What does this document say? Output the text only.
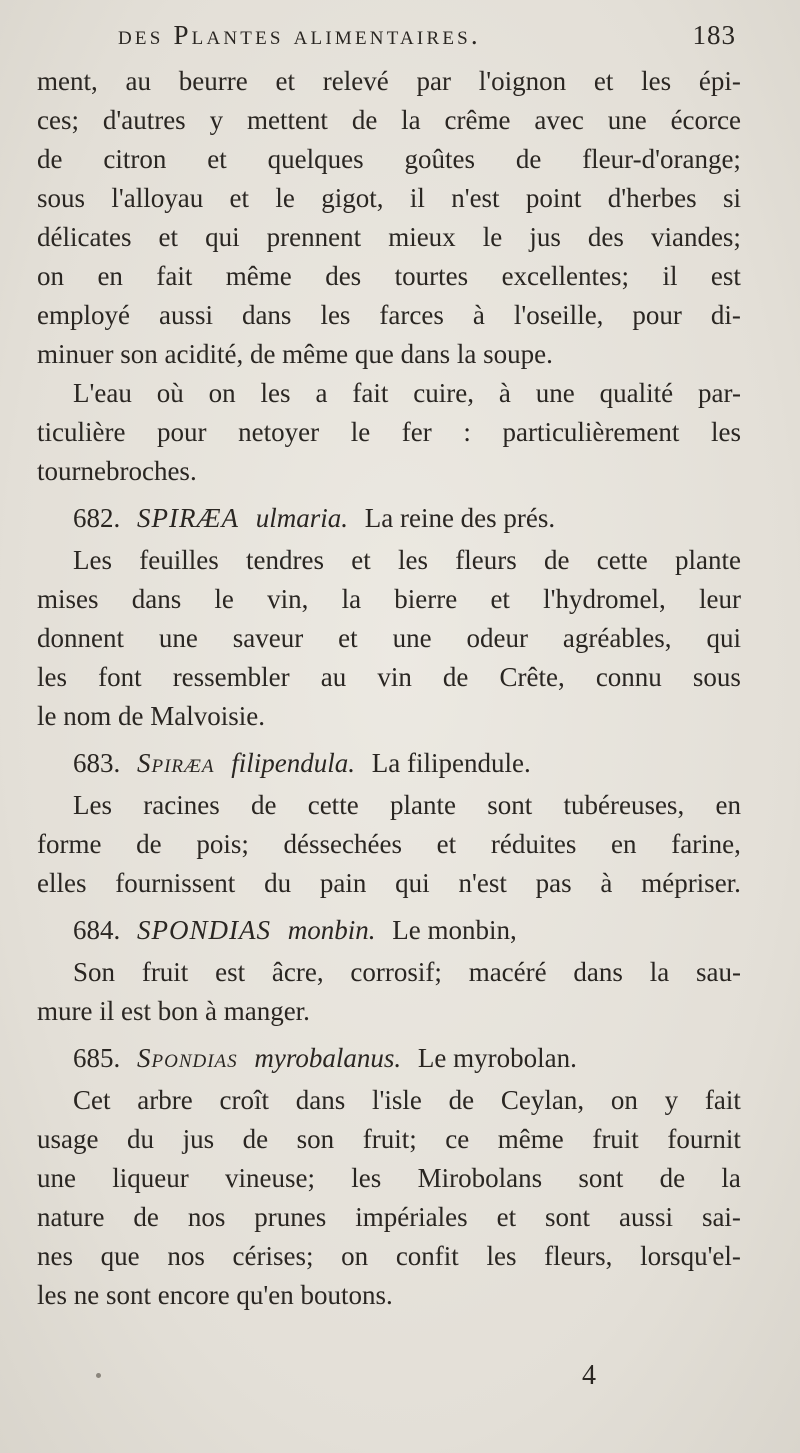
des Plantes alimentaires.	183
ment, au beurre et relevé par l'oignon et les épi-
ces; d'autres y mettent de la crême avec une écorce
de citron et quelques goûtes de fleur-d'orange;
sous l'alloyau et le gigot, il n'est point d'herbes si
délicates et qui prennent mieux le jus des viandes;
on en fait même des tourtes excellentes; il est
employé aussi dans les farces à l'oseille, pour di-
minuer son acidité, de même que dans la soupe.
L'eau où on les a fait cuire, à une qualité par-
ticulière pour netoyer le fer : particulièrement les
tournebroches.
682. SPIRÆA ulmaria. La reine des prés.
Les feuilles tendres et les fleurs de cette plante
mises dans le vin, la bierre et l'hydromel, leur
donnent une saveur et une odeur agréables, qui
les font ressembler au vin de Crête, connu sous
le nom de Malvoisie.
683. Spiræa filipendula. La filipendule.
Les racines de cette plante sont tubéreuses, en
forme de pois; déssechées et réduites en farine,
elles fournissent du pain qui n'est pas à mépriser.
684. SPONDIAS monbin. Le monbin,
Son fruit est âcre, corrosif; macéré dans la sau-
mure il est bon à manger.
685. Spondias myrobalanus. Le myrobolan.
Cet arbre croît dans l'isle de Ceylan, on y fait
usage du jus de son fruit; ce même fruit fournit
une liqueur vineuse; les Mirobolans sont de la
nature de nos prunes impériales et sont aussi sai-
nes que nos cérises; on confit les fleurs, lorsqu'el-
les ne sont encore qu'en boutons.
4
